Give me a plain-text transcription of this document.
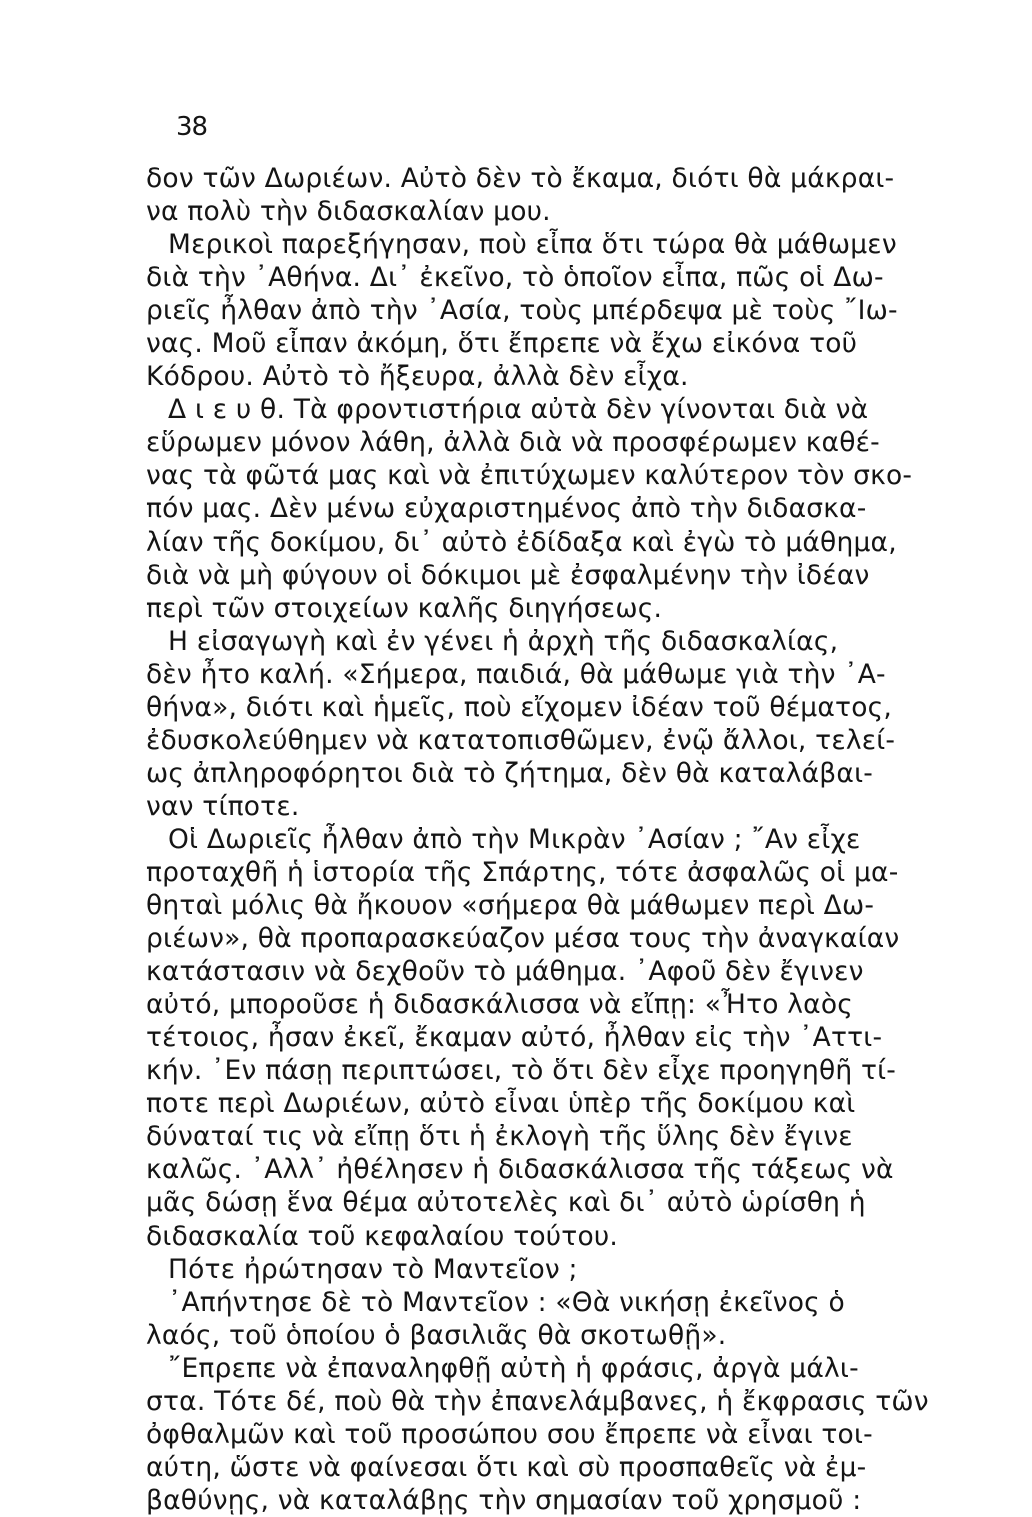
38
δον τῶν Δωριέων. Αὐτὸ δὲν τὸ ἔκαμα, διότι θὰ μάκραι-
να πολὺ τὴν διδασκαλίαν μου.
Μερικοὶ παρεξήγησαν, ποὺ εἶπα ὅτι τώρα θὰ μάθωμεν
διὰ τὴν ᾿Αθήνα. Δι᾿ ἐκεῖνο, τὸ ὁποῖον εἶπα, πῶς οἱ Δω-
ριεῖς ἦλθαν ἀπὸ τὴν ᾿Ασία, τοὺς μπέρδεψα μὲ τοὺς ῎Ιω-
νας. Μοῦ εἶπαν ἀκόμη, ὅτι ἔπρεπε νὰ ἔχω εἰκόνα τοῦ
Κόδρου. Αὐτὸ τὸ ἤξευρα, ἀλλὰ δὲν εἶχα.
Δ ι ε υ θ. Τὰ φροντιστήρια αὐτὰ δὲν γίνονται διὰ νὰ
εὕρωμεν μόνον λάθη, ἀλλὰ διὰ νὰ προσφέρωμεν καθέ-
νας τὰ φῶτά μας καὶ νὰ ἐπιτύχωμεν καλύτερον τὸν σκο-
πόν μας. Δὲν μένω εὐχαριστημένος ἀπὸ τὴν διδασκα-
λίαν τῆς δοκίμου, δι᾿ αὐτὸ ἐδίδαξα καὶ ἐγὼ τὸ μάθημα,
διὰ νὰ μὴ φύγουν οἱ δόκιμοι μὲ ἐσφαλμένην τὴν ἰδέαν
περὶ τῶν στοιχείων καλῆς διηγήσεως.
Η εἰσαγωγὴ καὶ ἐν γένει ἡ ἀρχὴ τῆς διδασκαλίας,
δὲν ἦτο καλή. «Σήμερα, παιδιά, θὰ μάθωμε γιὰ τὴν ᾿Α-
θήνα», διότι καὶ ἡμεῖς, ποὺ εἴχομεν ἰδέαν τοῦ θέματος,
ἐδυσκολεύθημεν νὰ κατατοπισθῶμεν, ἐνῷ ἄλλοι, τελεί-
ως ἀπληροφόρητοι διὰ τὸ ζήτημα, δὲν θὰ καταλάβαι-
ναν τίποτε.
Οἱ Δωριεῖς ἦλθαν ἀπὸ τὴν Μικρὰν ᾿Ασίαν ; ῎Αν εἶχε
προταχθῆ ἡ ἱστορία τῆς Σπάρτης, τότε ἀσφαλῶς οἱ μα-
θηταὶ μόλις θὰ ἤκουον «σήμερα θὰ μάθωμεν περὶ Δω-
ριέων», θὰ προπαρασκεύαζον μέσα τους τὴν ἀναγκαίαν
κατάστασιν νὰ δεχθοῦν τὸ μάθημα. ᾿Αφοῦ δὲν ἔγινεν
αὐτό, μποροῦσε ἡ διδασκάλισσα νὰ εἴπῃ: «Ἦτο λαὸς
τέτοιος, ἦσαν ἐκεῖ, ἔκαμαν αὐτό, ἦλθαν εἰς τὴν ᾿Αττι-
κήν. ᾿Εν πάσῃ περιπτώσει, τὸ ὅτι δὲν εἶχε προηγηθῆ τί-
ποτε περὶ Δωριέων, αὐτὸ εἶναι ὑπὲρ τῆς δοκίμου καὶ
δύναταί τις νὰ εἴπῃ ὅτι ἡ ἐκλογὴ τῆς ὕλης δὲν ἔγινε
καλῶς. ᾿Αλλ᾿ ἠθέλησεν ἡ διδασκάλισσα τῆς τάξεως νὰ
μᾶς δώσῃ ἕνα θέμα αὐτοτελὲς καὶ δι᾿ αὐτὸ ὡρίσθη ἡ
διδασκαλία τοῦ κεφαλαίου τούτου.
Πότε ἠρώτησαν τὸ Μαντεῖον ;
᾿Απήντησε δὲ τὸ Μαντεῖον : «Θὰ νικήσῃ ἐκεῖνος ὁ
λαός, τοῦ ὁποίου ὁ βασιλιᾶς θὰ σκοτωθῇ».
῎Επρεπε νὰ ἐπαναληφθῇ αὐτὴ ἡ φράσις, ἀργὰ μάλι-
στα. Τότε δέ, ποὺ θὰ τὴν ἐπανελάμβανες, ἡ ἔκφρασις τῶν
ὀφθαλμῶν καὶ τοῦ προσώπου σου ἔπρεπε νὰ εἶναι τοι-
αύτη, ὥστε νὰ φαίνεσαι ὅτι καὶ σὺ προσπαθεῖς νὰ ἐμ-
βαθύνῃς, νὰ καταλάβῃς τὴν σημασίαν τοῦ χρησμοῦ :
